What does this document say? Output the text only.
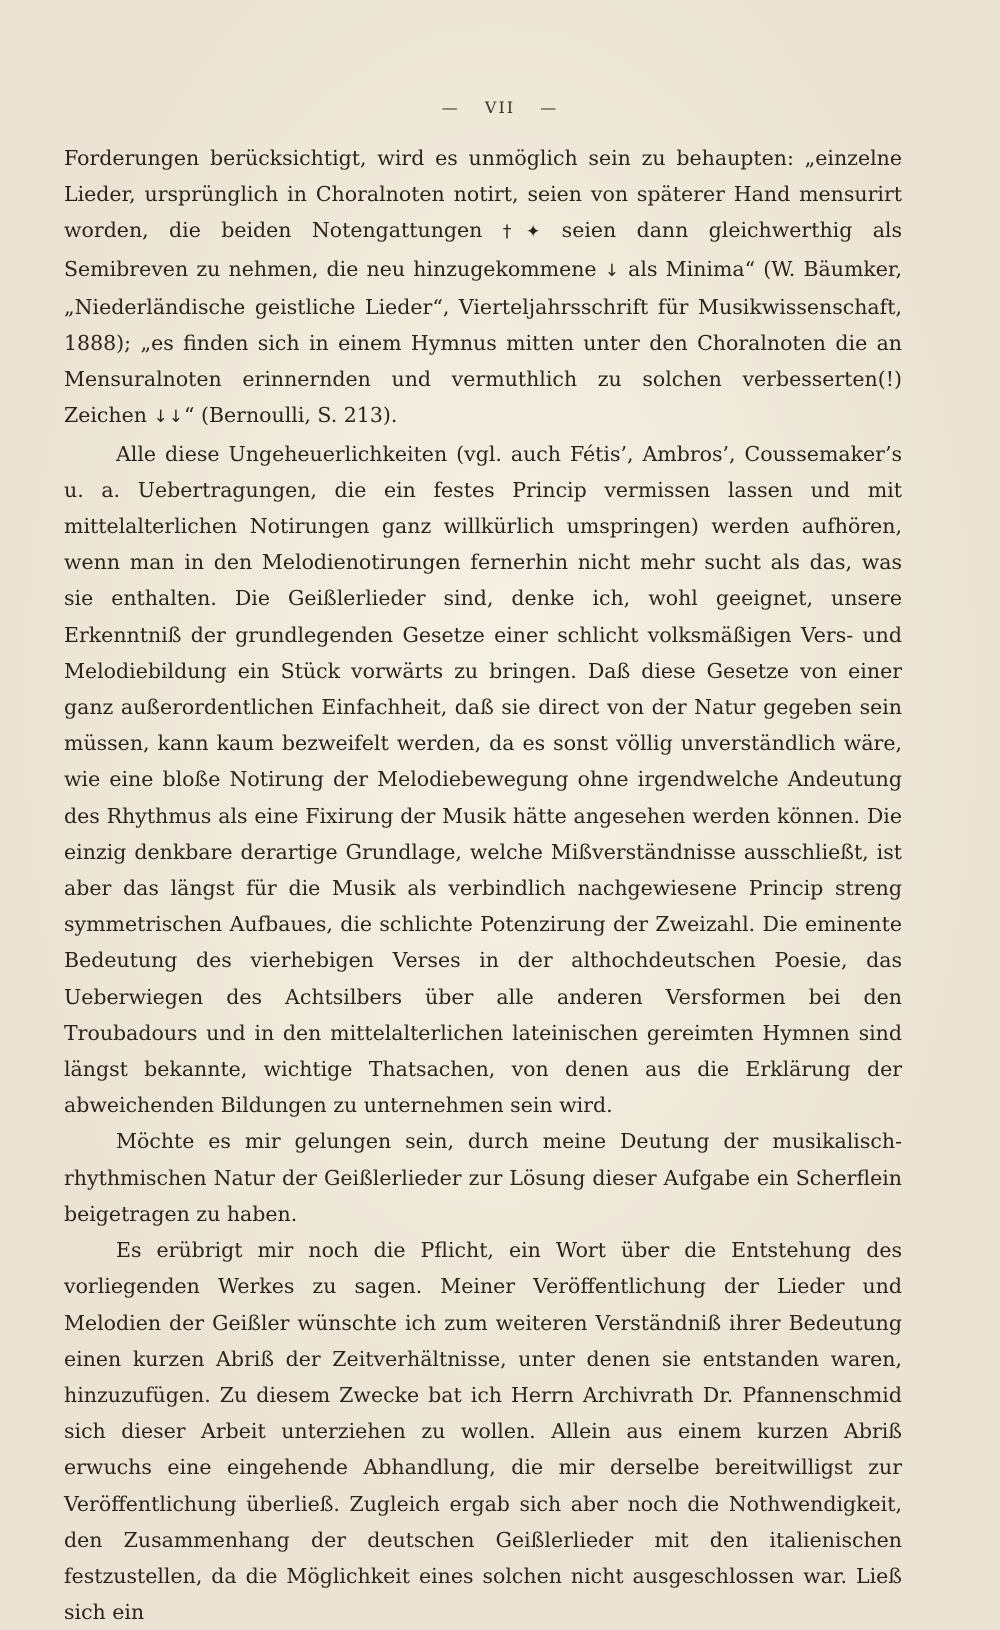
— VII —

Forderungen berücksichtigt, wird es unmöglich sein zu behaupten: „einzelne Lieder, ursprünglich in Choralnoten notirt, seien von späterer Hand mensurirt worden, die beiden Notengattungen †✦ seien dann gleichwerthig als Semibreven zu nehmen, die neu hinzugekommene ↓ als Minima“ (W. Bäumker, „Niederländische geistliche Lieder“, Vierteljahrsschrift für Musikwissenschaft, 1888); „es finden sich in einem Hymnus mitten unter den Choralnoten die an Mensuralnoten erinnernden und vermuthlich zu solchen verbesserten(!) Zeichen ↓↓“ (Bernoulli, S. 213).

Alle diese Ungeheuerlichkeiten (vgl. auch Fétis’, Ambros’, Coussemaker’s u. a. Uebertragungen, die ein festes Princip vermissen lassen und mit mittelalterlichen Notirungen ganz willkürlich umspringen) werden aufhören, wenn man in den Melodienotirungen fernerhin nicht mehr sucht als das, was sie enthalten. Die Geißlerlieder sind, denke ich, wohl geeignet, unsere Erkenntniß der grundlegenden Gesetze einer schlicht volksmäßigen Vers- und Melodiebildung ein Stück vorwärts zu bringen. Daß diese Gesetze von einer ganz außerordentlichen Einfachheit, daß sie direct von der Natur gegeben sein müssen, kann kaum bezweifelt werden, da es sonst völlig unverständlich wäre, wie eine bloße Notirung der Melodiebewegung ohne irgendwelche Andeutung des Rhythmus als eine Fixirung der Musik hätte angesehen werden können. Die einzig denkbare derartige Grundlage, welche Mißverständnisse ausschließt, ist aber das längst für die Musik als verbindlich nachgewiesene Princip streng symmetrischen Aufbaues, die schlichte Potenzirung der Zweizahl. Die eminente Bedeutung des vierhebigen Verses in der althochdeutschen Poesie, das Ueberwiegen des Achtsilbers über alle anderen Versformen bei den Troubadours und in den mittelalterlichen lateinischen gereimten Hymnen sind längst bekannte, wichtige Thatsachen, von denen aus die Erklärung der abweichenden Bildungen zu unternehmen sein wird.

Möchte es mir gelungen sein, durch meine Deutung der musikalisch-rhythmischen Natur der Geißlerlieder zur Lösung dieser Aufgabe ein Scherflein beigetragen zu haben.

Es erübrigt mir noch die Pflicht, ein Wort über die Entstehung des vorliegenden Werkes zu sagen. Meiner Veröffentlichung der Lieder und Melodien der Geißler wünschte ich zum weiteren Verständniß ihrer Bedeutung einen kurzen Abriß der Zeitverhältnisse, unter denen sie entstanden waren, hinzuzufügen. Zu diesem Zwecke bat ich Herrn Archivrath Dr. Pfannenschmid sich dieser Arbeit unterziehen zu wollen. Allein aus einem kurzen Abriß erwuchs eine eingehende Abhandlung, die mir derselbe bereitwilligst zur Veröffentlichung überließ. Zugleich ergab sich aber noch die Nothwendigkeit, den Zusammenhang der deutschen Geißlerlieder mit den italienischen festzustellen, da die Möglichkeit eines solchen nicht ausgeschlossen war. Ließ sich ein
